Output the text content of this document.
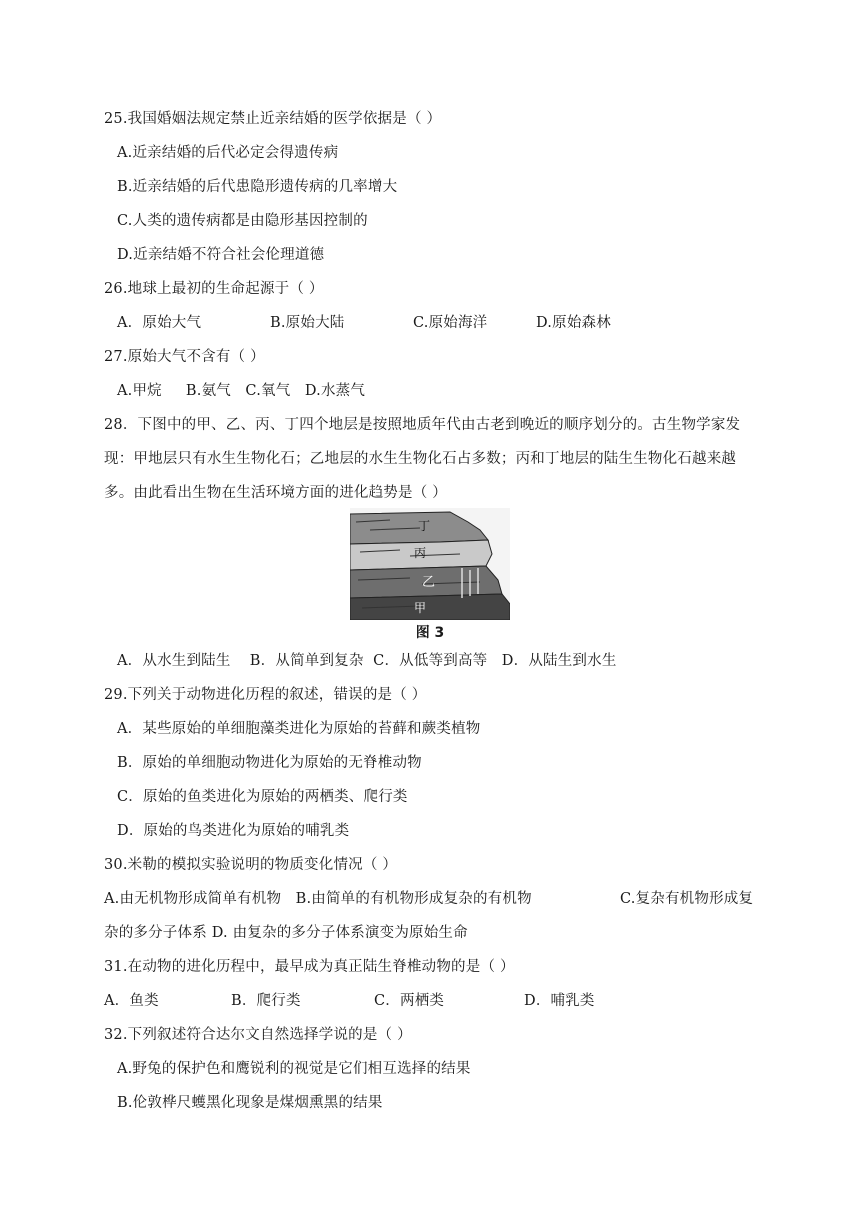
25.我国婚姻法规定禁止近亲结婚的医学依据是（ ）
A.近亲结婚的后代必定会得遗传病
B.近亲结婚的后代患隐形遗传病的几率增大
C.人类的遗传病都是由隐形基因控制的
D.近亲结婚不符合社会伦理道德
26.地球上最初的生命起源于（ ）
A．原始大气	B.原始大陆	C.原始海洋	D.原始森林
27.原始大气不含有（ ）
A.甲烷     B.氨气   C.氧气   D.水蒸气
28．下图中的甲、乙、丙、丁四个地层是按照地质年代由古老到晚近的顺序划分的。古生物学家发
现：甲地层只有水生生物化石；乙地层的水生生物化石占多数；丙和丁地层的陆生生物化石越来越
多。由此看出生物在生活环境方面的进化趋势是（ ）
丁
丙
乙
甲
图 3
A．从水生到陆生    B．从简单到复杂  C．从低等到高等   D．从陆生到水生
29.下列关于动物进化历程的叙述，错误的是（ ）
A．某些原始的单细胞藻类进化为原始的苔藓和蕨类植物
B．原始的单细胞动物进化为原始的无脊椎动物
C．原始的鱼类进化为原始的两栖类、爬行类
D．原始的鸟类进化为原始的哺乳类
30.米勒的模拟实验说明的物质变化情况（ ）
A.由无机物形成简单有机物   B.由简单的有机物形成复杂的有机物	C.复杂有机物形成复
杂的多分子体系 D. 由复杂的多分子体系演变为原始生命
31.在动物的进化历程中，最早成为真正陆生脊椎动物的是（ ）
A．鱼类	B．爬行类	C．两栖类	D．哺乳类
32.下列叙述符合达尔文自然选择学说的是（ ）
A.野兔的保护色和鹰锐利的视觉是它们相互选择的结果
B.伦敦桦尺蠖黑化现象是煤烟熏黑的结果
